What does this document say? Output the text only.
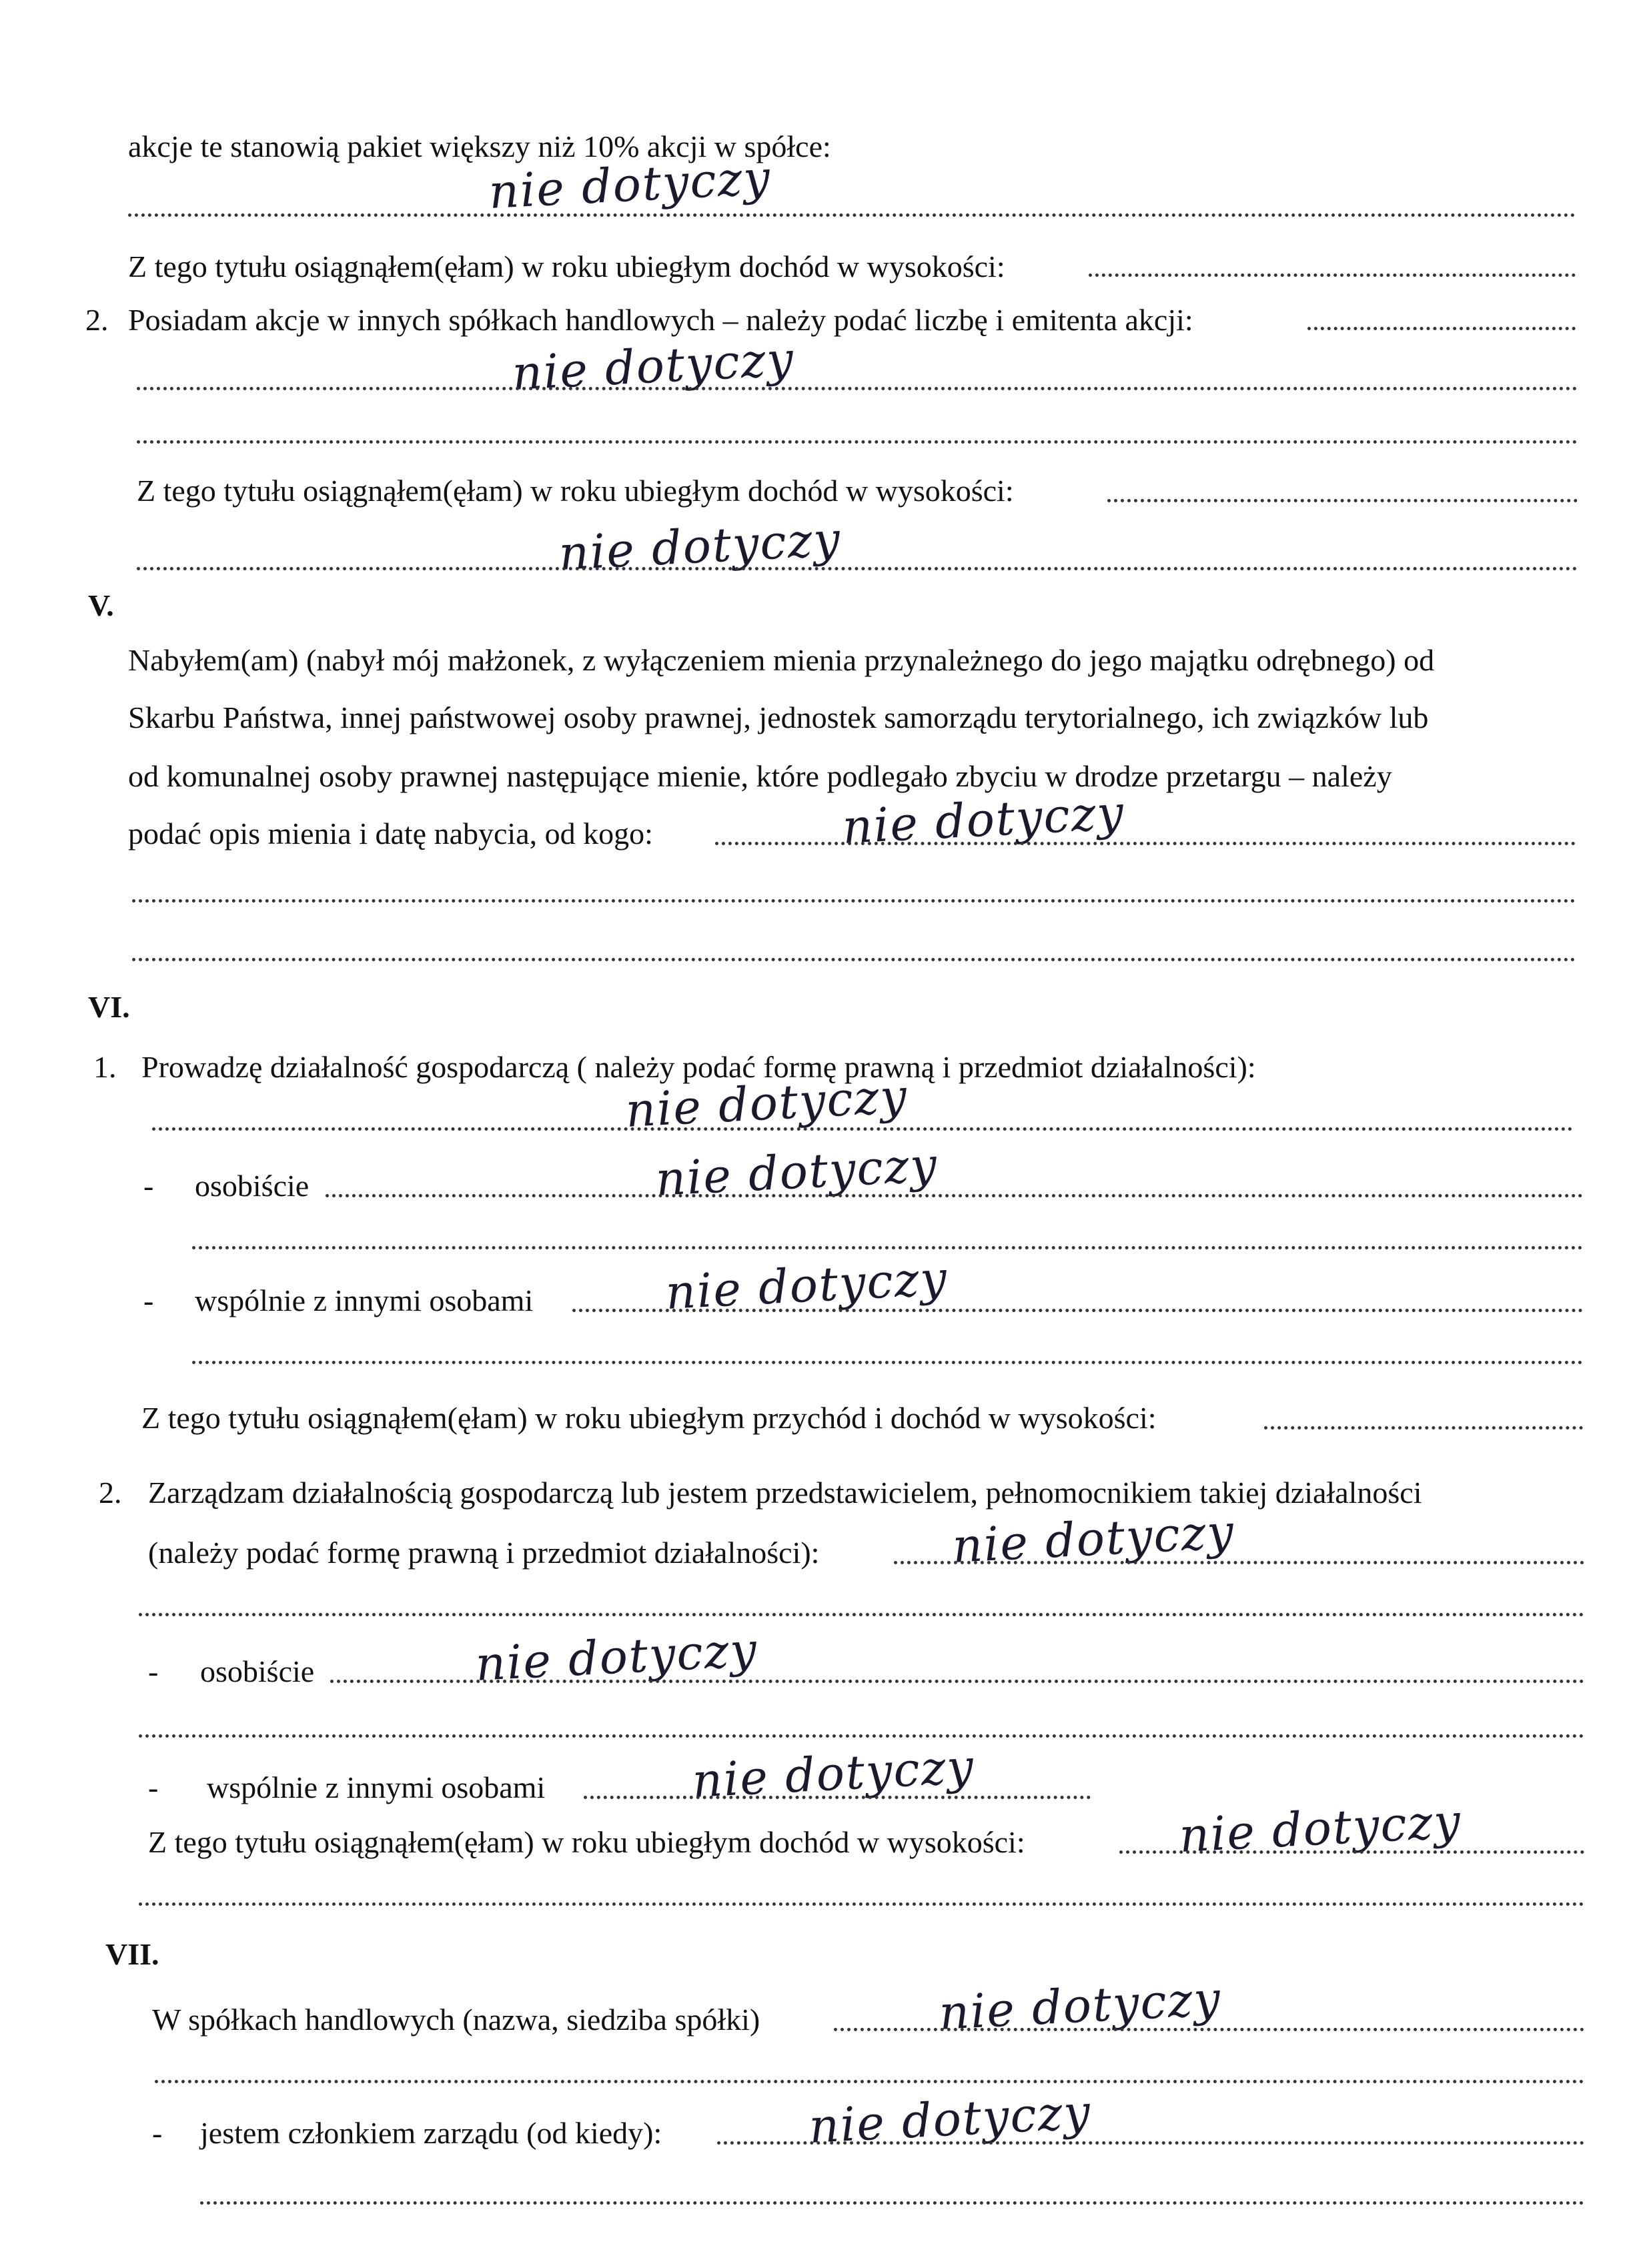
akcje te stanowią pakiet większy niż 10% akcji w spółce:
nie dotyczy
Z tego tytułu osiągnąłem(ęłam) w roku ubiegłym dochód w wysokości:
2. Posiadam akcje w innych spółkach handlowych – należy podać liczbę i emitenta akcji:
nie dotyczy
Z tego tytułu osiągnąłem(ęłam) w roku ubiegłym dochód w wysokości:
nie dotyczy
V.
Nabyłem(am) (nabył mój małżonek, z wyłączeniem mienia przynależnego do jego majątku odrębnego) od
Skarbu Państwa, innej państwowej osoby prawnej, jednostek samorządu terytorialnego, ich związków lub
od komunalnej osoby prawnej następujące mienie, które podlegało zbyciu w drodze przetargu – należy
podać opis mienia i datę nabycia, od kogo:	nie dotyczy
VI.
1. Prowadzę działalność gospodarczą ( należy podać formę prawną i przedmiot działalności):
nie dotyczy
- osobiście	nie dotyczy
- wspólnie z innymi osobami	nie dotyczy
Z tego tytułu osiągnąłem(ęłam) w roku ubiegłym przychód i dochód w wysokości:
2. Zarządzam działalnością gospodarczą lub jestem przedstawicielem, pełnomocnikiem takiej działalności
(należy podać formę prawną i przedmiot działalności):	nie dotyczy
- osobiście	nie dotyczy
- wspólnie z innymi osobami	nie dotyczy
Z tego tytułu osiągnąłem(ęłam) w roku ubiegłym dochód w wysokości:	nie dotyczy
VII.
W spółkach handlowych (nazwa, siedziba spółki)	nie dotyczy
- jestem członkiem zarządu (od kiedy):	nie dotyczy
